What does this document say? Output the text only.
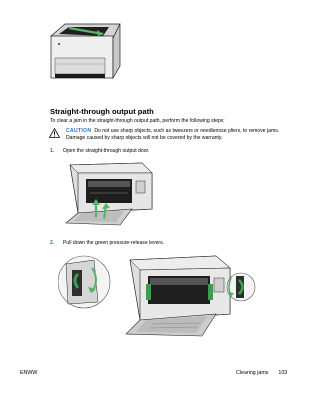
Straight-through output path
To clear a jam in the straight-through output path, perform the following steps:
CAUTION Do not use sharp objects, such as tweezers or needlenose pliers, to remove jams. Damage caused by sharp objects will not be covered by the warranty.
1. Open the straight-through output door.
2. Pull down the green pressure-release levers.
ENWW	Clearing jams 103
